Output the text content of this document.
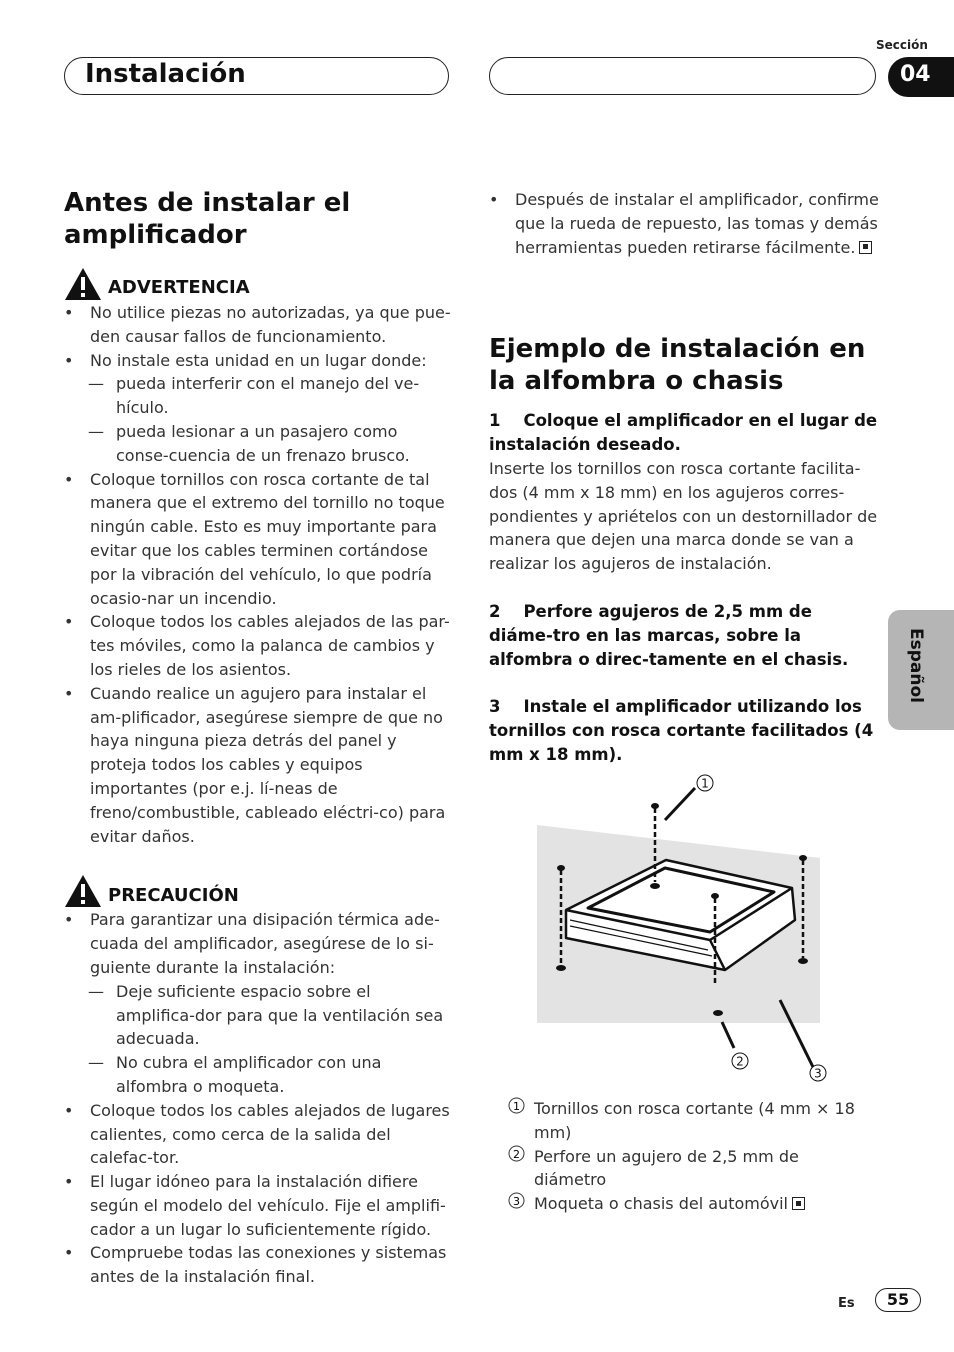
Sección
Instalación	04
Antes de instalar el amplificador
ADVERTENCIA

• No utilice piezas no autorizadas, ya que pue-den causar fallos de funcionamiento.

• No instale esta unidad en un lugar donde:

— pueda interferir con el manejo del ve-hículo.

— pueda lesionar a un pasajero como conse-cuencia de un frenazo brusco.

• Coloque tornillos con rosca cortante de tal manera que el extremo del tornillo no toque ningún cable. Esto es muy importante para evitar que los cables terminen cortándose por la vibración del vehículo, lo que podría ocasio-nar un incendio.

• Coloque todos los cables alejados de las par-tes móviles, como la palanca de cambios y los rieles de los asientos.

• Cuando realice un agujero para instalar el am-plificador, asegúrese siempre de que no haya ninguna pieza detrás del panel y proteja todos los cables y equipos importantes (por e.j. lí-neas de freno/combustible, cableado eléctri-co) para evitar daños.

PRECAUCIÓN

• Para garantizar una disipación térmica ade-cuada del amplificador, asegúrese de lo si-guiente durante la instalación:

— Deje suficiente espacio sobre el amplifica-dor para que la ventilación sea adecuada.

— No cubra el amplificador con una alfombra o moqueta.

• Coloque todos los cables alejados de lugares calientes, como cerca de la salida del calefac-tor.

• El lugar idóneo para la instalación difiere según el modelo del vehículo. Fije el amplifi-cador a un lugar lo suficientemente rígido.

• Compruebe todas las conexiones y sistemas antes de la instalación final.

• Después de instalar el amplificador, confirme que la rueda de repuesto, las tomas y demás herramientas pueden retirarse fácilmente.

Ejemplo de instalación en la alfombra o chasis

1 Coloque el amplificador en el lugar de instalación deseado.

Inserte los tornillos con rosca cortante facilita-dos (4 mm x 18 mm) en los agujeros corres-pondientes y apriételos con un destornillador de manera que dejen una marca donde se van a realizar los agujeros de instalación.

2 Perfore agujeros de 2,5 mm de diáme-tro en las marcas, sobre la alfombra o direc-tamente en el chasis.

3 Instale el amplificador utilizando los tornillos con rosca cortante facilitados (4 mm x 18 mm).

1
2
3
1 Tornillos con rosca cortante (4 mm × 18 mm)
2 Perfore un agujero de 2,5 mm de diámetro
3 Moqueta o chasis del automóvil
Español
Es	55
